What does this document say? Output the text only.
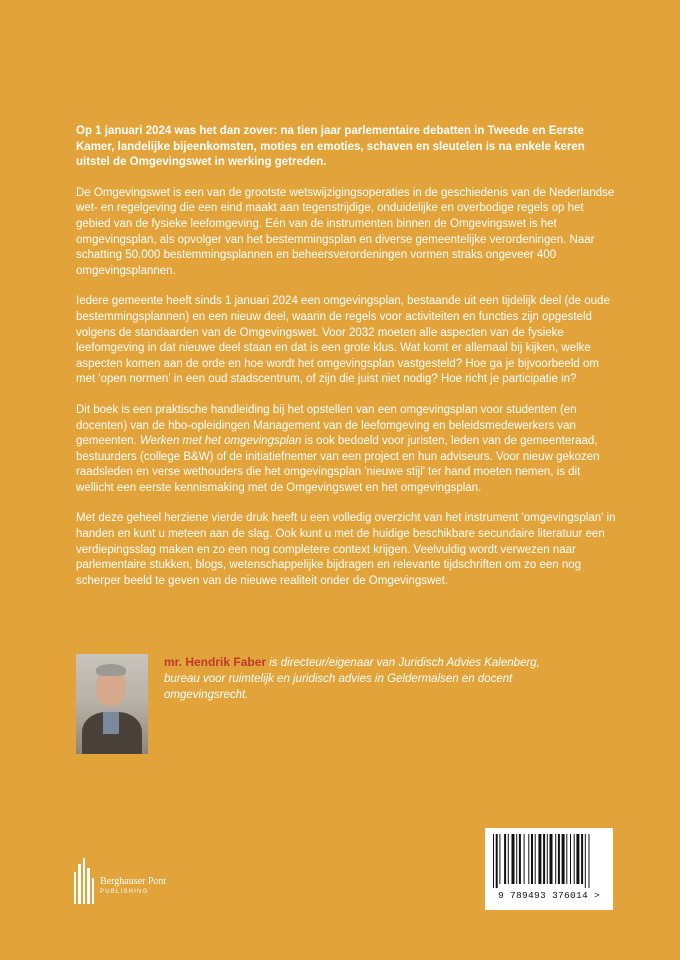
Op 1 januari 2024 was het dan zover: na tien jaar parlementaire debatten in Tweede en Eerste Kamer, landelijke bijeenkomsten, moties en emoties, schaven en sleutelen is na enkele keren uitstel de Omgevingswet in werking getreden.

De Omgevingswet is een van de grootste wetswijzigingsoperaties in de geschiedenis van de Nederlandse wet- en regelgeving die een eind maakt aan tegenstrijdige, onduidelijke en overbodige regels op het gebied van de fysieke leefomgeving. Eén van de instrumenten binnen de Omgevingswet is het omgevingsplan, als opvolger van het bestemmingsplan en diverse gemeentelijke verordeningen. Naar schatting 50.000 bestemmingsplannen en beheersverordeningen vormen straks ongeveer 400 omgevingsplannen.

Iedere gemeente heeft sinds 1 januari 2024 een omgevingsplan, bestaande uit een tijdelijk deel (de oude bestemmingsplannen) en een nieuw deel, waarin de regels voor activiteiten en functies zijn opgesteld volgens de standaarden van de Omgevingswet. Voor 2032 moeten alle aspecten van de fysieke leefomgeving in dat nieuwe deel staan en dat is een grote klus. Wat komt er allemaal bij kijken, welke aspecten komen aan de orde en hoe wordt het omgevingsplan vastgesteld? Hoe ga je bijvoorbeeld om met 'open normen' in een oud stadscentrum, of zijn die juist niet nodig? Hoe richt je participatie in?

Dit boek is een praktische handleiding bij het opstellen van een omgevingsplan voor studenten (en docenten) van de hbo-opleidingen Management van de leefomgeving en beleidsmedewerkers van gemeenten. Werken met het omgevingsplan is ook bedoeld voor juristen, leden van de gemeenteraad, bestuurders (college B&W) of de initiatiefnemer van een project en hun adviseurs. Voor nieuw gekozen raadsleden en verse wethouders die het omgevingsplan 'nieuwe stijl' ter hand moeten nemen, is dit wellicht een eerste kennismaking met de Omgevingswet en het omgevingsplan.

Met deze geheel herziene vierde druk heeft u een volledig overzicht van het instrument 'omgevingsplan' in handen en kunt u meteen aan de slag. Ook kunt u met de huidige beschikbare secundaire literatuur een verdiepingsslag maken en zo een nog completere context krijgen. Veelvuldig wordt verwezen naar parlementaire stukken, blogs, wetenschappelijke bijdragen en relevante tijdschriften om zo een nog scherper beeld te geven van de nieuwe realiteit onder de Omgevingswet.

mr. Hendrik Faber is directeur/eigenaar van Juridisch Advies Kalenberg, bureau voor ruimtelijk en juridisch advies in Geldermalsen en docent omgevingsrecht.
Berghauser Pont
PUBLISHING	9 789493 376014 >
